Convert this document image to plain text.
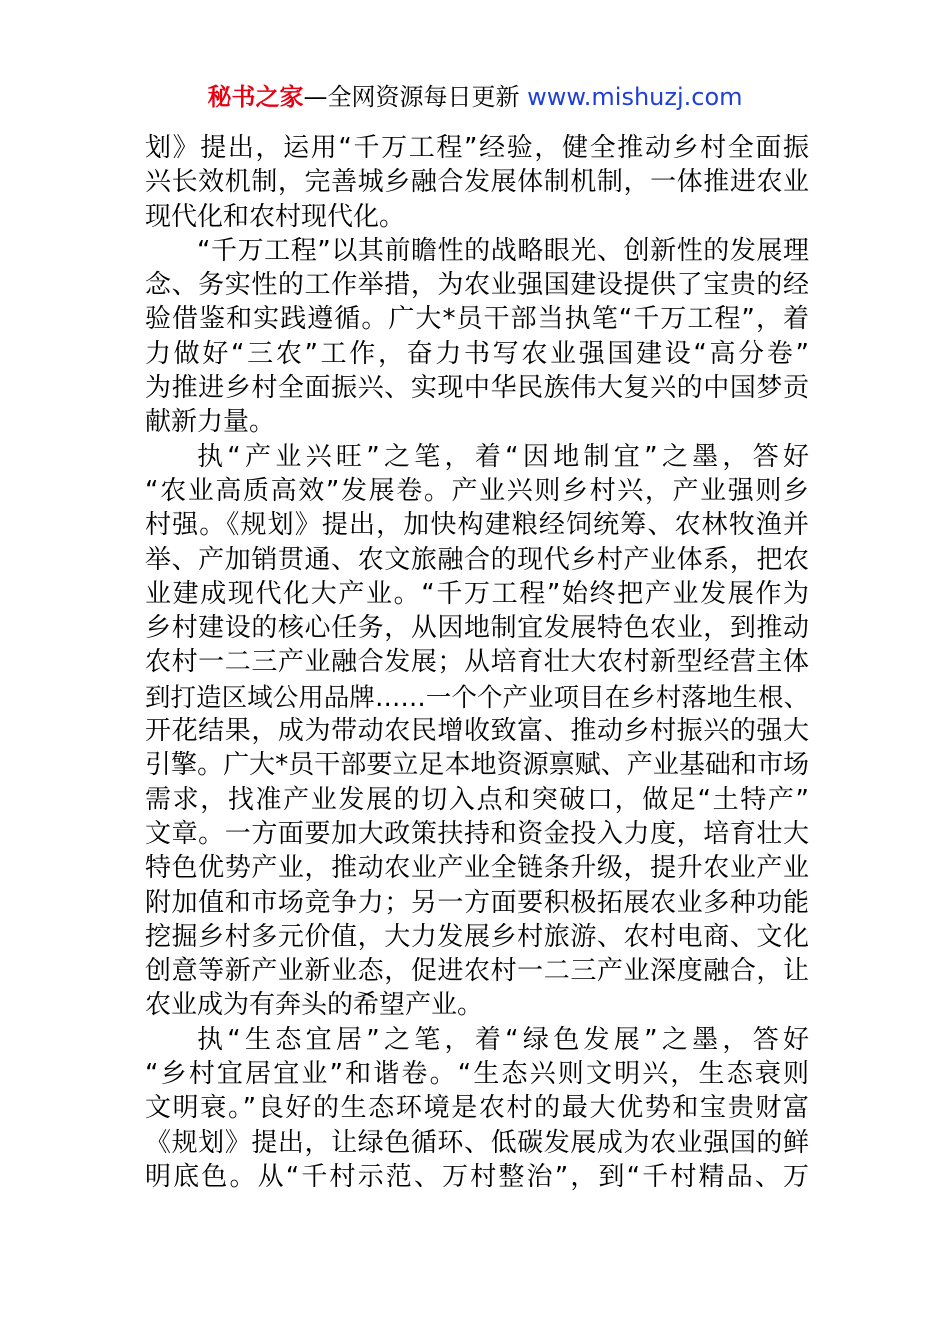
秘书之家—全网资源每日更新 www.mishuzj.com
划》提出，运用“千万工程”经验，健全推动乡村全面振
兴长效机制，完善城乡融合发展体制机制，一体推进农业
现代化和农村现代化。
“千万工程”以其前瞻性的战略眼光、创新性的发展理
念、务实性的工作举措，为农业强国建设提供了宝贵的经
验借鉴和实践遵循。广大*员干部当执笔“千万工程”，着
力做好“三农”工作，奋力书写农业强国建设“高分卷”
为推进乡村全面振兴、实现中华民族伟大复兴的中国梦贡
献新力量。
执“产业兴旺”之笔，着“因地制宜”之墨，答好
“农业高质高效”发展卷。产业兴则乡村兴，产业强则乡
村强。《规划》提出，加快构建粮经饲统筹、农林牧渔并
举、产加销贯通、农文旅融合的现代乡村产业体系，把农
业建成现代化大产业。“千万工程”始终把产业发展作为
乡村建设的核心任务，从因地制宜发展特色农业，到推动
农村一二三产业融合发展；从培育壮大农村新型经营主体
到打造区域公用品牌……一个个产业项目在乡村落地生根、
开花结果，成为带动农民增收致富、推动乡村振兴的强大
引擎。广大*员干部要立足本地资源禀赋、产业基础和市场
需求，找准产业发展的切入点和突破口，做足“土特产”
文章。一方面要加大政策扶持和资金投入力度，培育壮大
特色优势产业，推动农业产业全链条升级，提升农业产业
附加值和市场竞争力；另一方面要积极拓展农业多种功能
挖掘乡村多元价值，大力发展乡村旅游、农村电商、文化
创意等新产业新业态，促进农村一二三产业深度融合，让
农业成为有奔头的希望产业。
执“生态宜居”之笔，着“绿色发展”之墨，答好
“乡村宜居宜业”和谐卷。“生态兴则文明兴，生态衰则
文明衰。”良好的生态环境是农村的最大优势和宝贵财富
《规划》提出，让绿色循环、低碳发展成为农业强国的鲜
明底色。从“千村示范、万村整治”，到“千村精品、万
